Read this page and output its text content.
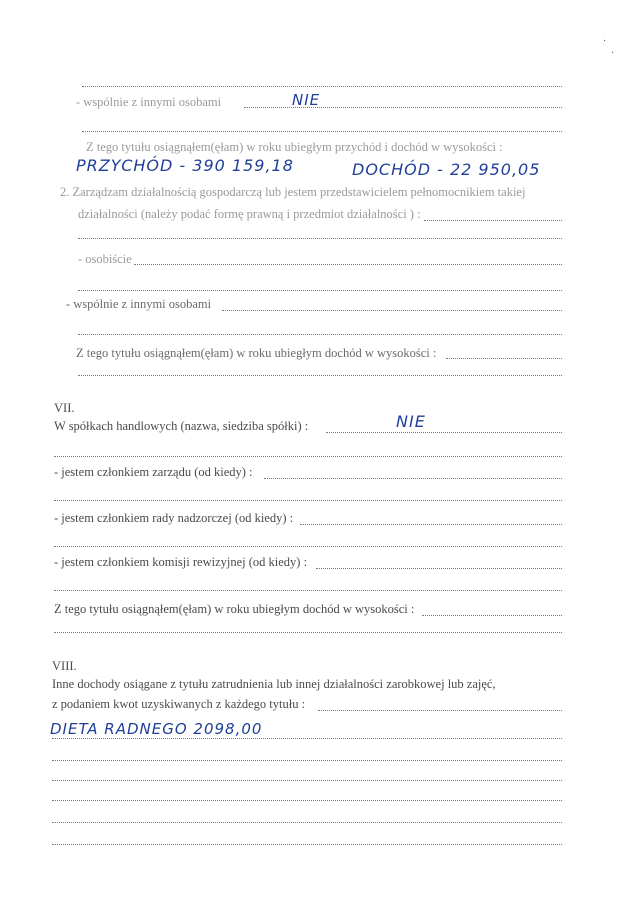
·
·
- wspólnie z innymi osobami	NIE
Z tego tytułu osiągnąłem(ęłam) w roku ubiegłym przychód i dochód w wysokości :
PRZYCHÓD - 390 159,18	DOCHÓD - 22 950,05
2. Zarządzam działalnością gospodarczą lub jestem przedstawicielem pełnomocnikiem takiej
działalności (należy podać formę prawną i przedmiot działalności ) :
- osobiście
- wspólnie z innymi osobami
Z tego tytułu osiągnąłem(ęłam) w roku ubiegłym dochód w wysokości :
VII.
W spółkach handlowych (nazwa, siedziba spółki) :	NIE
- jestem członkiem zarządu (od kiedy) :
- jestem członkiem rady nadzorczej (od kiedy) :
- jestem członkiem komisji rewizyjnej (od kiedy) :
Z tego tytułu osiągnąłem(ęłam) w roku ubiegłym dochód w wysokości :
VIII.
Inne dochody osiągane z tytułu zatrudnienia lub innej działalności zarobkowej lub zajęć,
z podaniem kwot uzyskiwanych z każdego tytułu :
DIETA RADNEGO 2098,00
